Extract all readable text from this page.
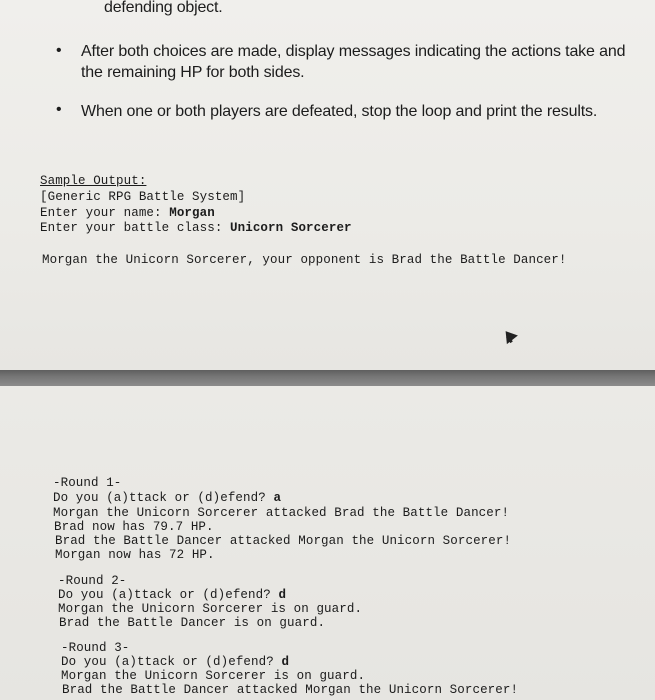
defending object.
• After both choices are made, display messages indicating the actions take and
the remaining HP for both sides.
• When one or both players are defeated, stop the loop and print the results.
Sample Output:
[Generic RPG Battle System]
Enter your name: Morgan
Enter your battle class: Unicorn Sorcerer
Morgan the Unicorn Sorcerer, your opponent is Brad the Battle Dancer!
-Round 1-
Do you (a)ttack or (d)efend? a
Morgan the Unicorn Sorcerer attacked Brad the Battle Dancer!
Brad now has 79.7 HP.
Brad the Battle Dancer attacked Morgan the Unicorn Sorcerer!
Morgan now has 72 HP.
-Round 2-
Do you (a)ttack or (d)efend? d
Morgan the Unicorn Sorcerer is on guard.
Brad the Battle Dancer is on guard.
-Round 3-
Do you (a)ttack or (d)efend? d
Morgan the Unicorn Sorcerer is on guard.
Brad the Battle Dancer attacked Morgan the Unicorn Sorcerer!
